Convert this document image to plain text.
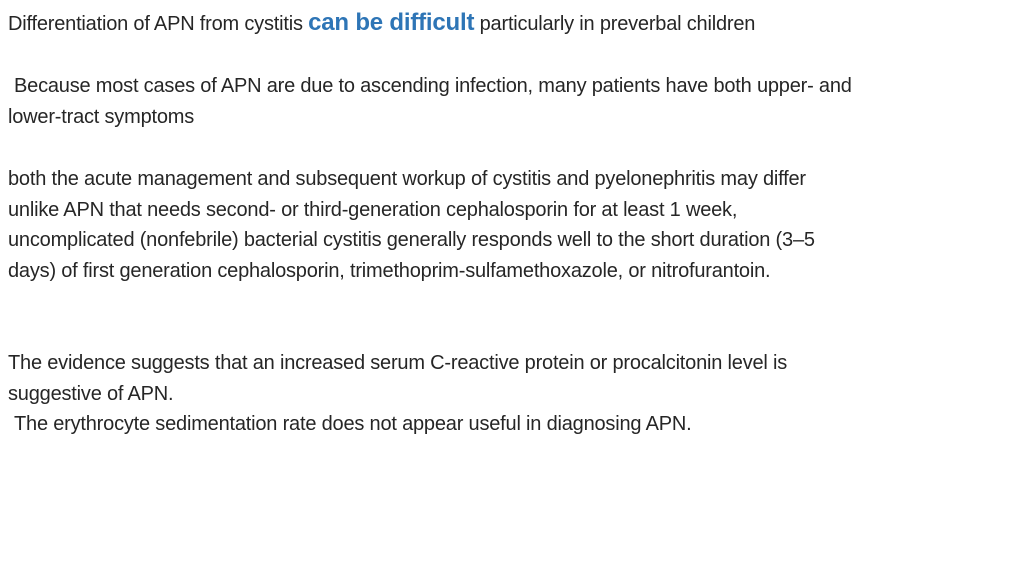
Differentiation of APN from cystitis can be difficult particularly in preverbal children
Because most cases of APN are due to ascending infection, many patients have both upper- and
lower-tract symptoms
both the acute management and subsequent workup of cystitis and pyelonephritis may differ
unlike APN that needs second- or third-generation cephalosporin for at least 1 week,
uncomplicated (nonfebrile) bacterial cystitis generally responds well to the short duration (3–5
days) of first generation cephalosporin, trimethoprim-sulfamethoxazole, or nitrofurantoin.
The evidence suggests that an increased serum C-reactive protein or procalcitonin level is
suggestive of APN.
The erythrocyte sedimentation rate does not appear useful in diagnosing APN.
